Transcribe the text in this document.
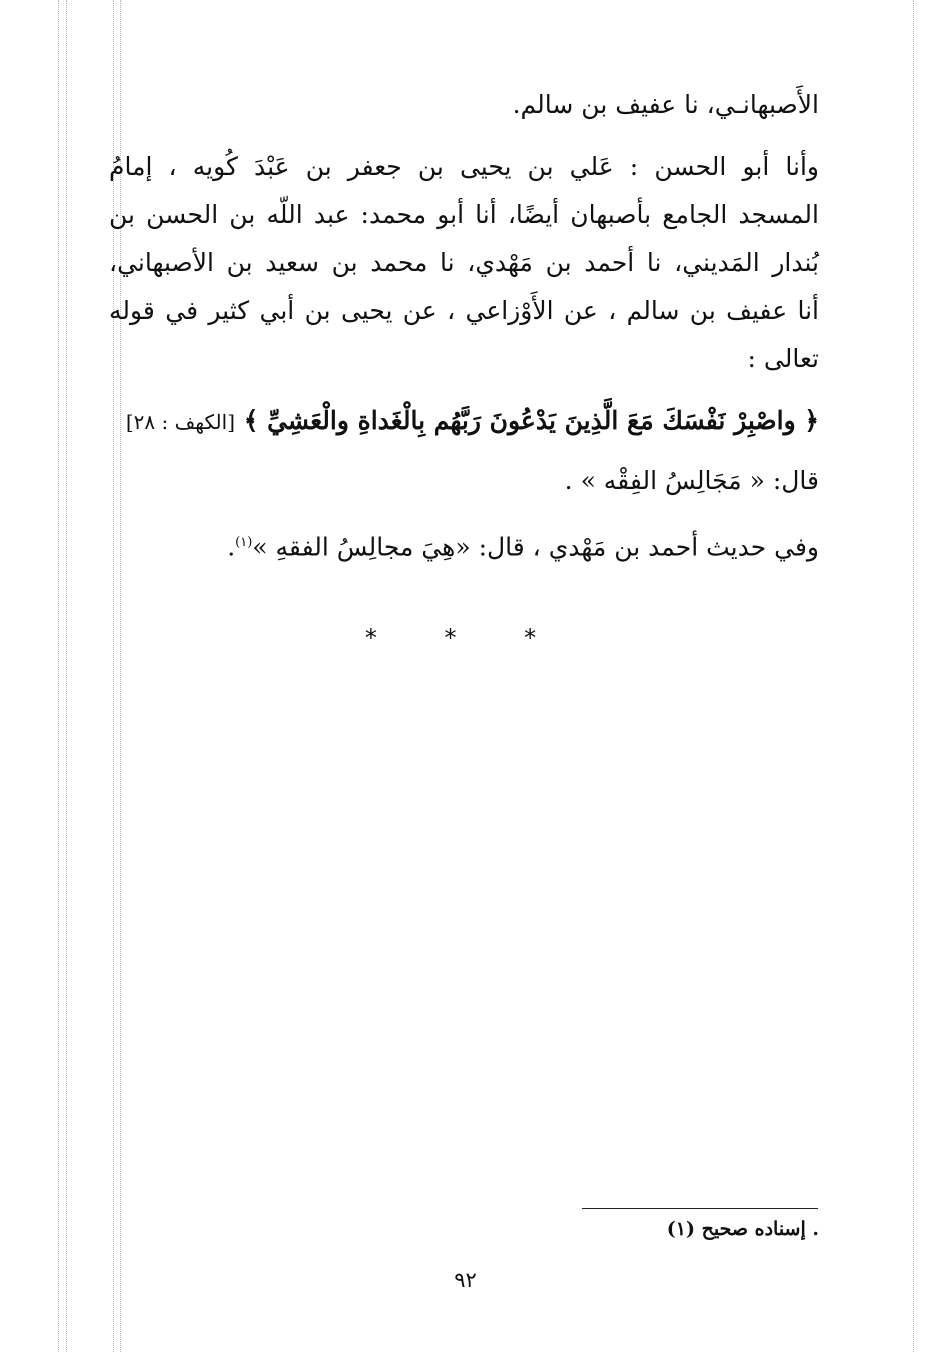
الأَصبهانـي، نا عفيف بن سالم.
وأنا أبو الحسن : عَلي بن يحيى بن جعفر بن عَبْدَ كُويه ، إمامُ
المسجد الجامع بأصبهان أيضًا، أنا أبو محمد: عبد اللّه بن الحسن بن
بُندار المَديني، نا أحمد بن مَهْدي، نا محمد بن سعيد بن الأصبهاني،
أنا عفيف بن سالم ، عن الأَوْزاعي ، عن يحيى بن أبي كثير في قوله
تعالى :
﴿ واصْبِرْ نَفْسَكَ مَعَ الَّذِينَ يَدْعُونَ رَبَّهُم بِالْغَداةِ والْعَشِيِّ ﴾ [الكهف : ٢٨]
قال: « مَجَالِسُ الفِقْه » .
وفي حديث أحمد بن مَهْدي ، قال: «هِيَ مجالِسُ الفقهِ »$^{(١)}$.
* * *
(١) إسناده صحيح .
٩٢
